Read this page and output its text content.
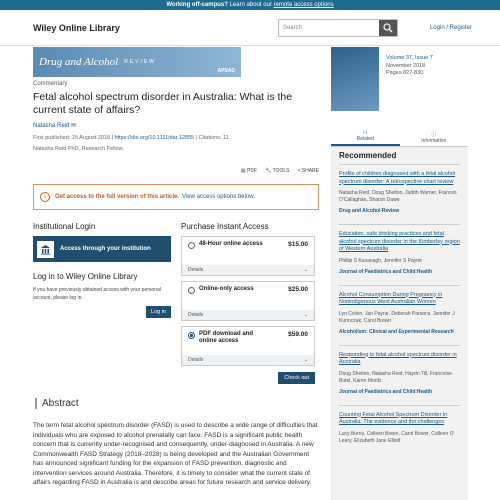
Working off-campus? Learn about our remote access options
Wiley Online Library	Search	Login / Register
Drug and Alcohol REVIEW
APSAD
Commentary
Fetal alcohol spectrum disorder in Australia: What is the current state of affairs?
Natasha Reid ✉
First published: 15 August 2018 | https://doi.org/10.1111/dar.12855 | Citations: 11
Natasha Reid PhD, Research Fellow,
▤ PDF 🔧 TOOLS < SHARE
i	Get access to the full version of this article. View access options below.
Institutional Login
Access through your institution
Log in to Wiley Online Library
If you have previously obtained access with your personal account, please log in.
Log in
Purchase Instant Access
48-Hour online access	$15.00
Details	⌄
Online-only access	$25.00
Details	⌄
PDF download and online access
$59.00
Details	⌄
Check out
Abstract
The term fetal alcohol spectrum disorder (FASD) is used to describe a wide range of difficulties that individuals who are exposed to alcohol prenatally can face. FASD is a significant public health concern that is currently under-recognised and consequently, under-diagnosed in Australia. A new Commonwealth FASD Strategy (2018–2028) is being developed and the Australian Government has announced significant funding for the expansion of FASD prevention, diagnostic and intervention services around Australia. Therefore, it is timely to consider what the current state of affairs regarding FASD in Australia is and describe areas for future research and service delivery.
Volume 37, Issue 7
November 2018
Pages 827-830
⚇
Related
ⓘ
Information
Recommended
Profile of children diagnosed with a fetal alcohol spectrum disorder: A retrospective chart review
Natasha Reid, Doug Shelton, Judith Warner, Frances O'Callaghan, Sharon Dawe
Drug and Alcohol Review
Education, safe drinking practices and fetal alcohol spectrum disorder in the Kimberley region of Western Australia
Phillip S Kavanagh, Jennifer S Payne
Journal of Paediatrics and Child Health
Alcohol Consumption During Pregnancy in Nonindigenous West Australian Women
Lyn Colvin, Jan Payne, Deborah Parsons, Jennifer J Kurinczuk, Carol Bower
Alcoholism: Clinical and Experimental Research
Responding to fetal alcohol spectrum disorder in Australia
Doug Shelton, Natasha Reid, Haydn Till, Francoise Butel, Karen Moritz
Journal of Paediatrics and Child Health
Counting Fetal Alcohol Spectrum Disorder in Australia: The evidence and the challenges
Lucy Burns, Colleen Breen, Carol Bower, Colleen O' Leary, Elizabeth Jane Elliott
